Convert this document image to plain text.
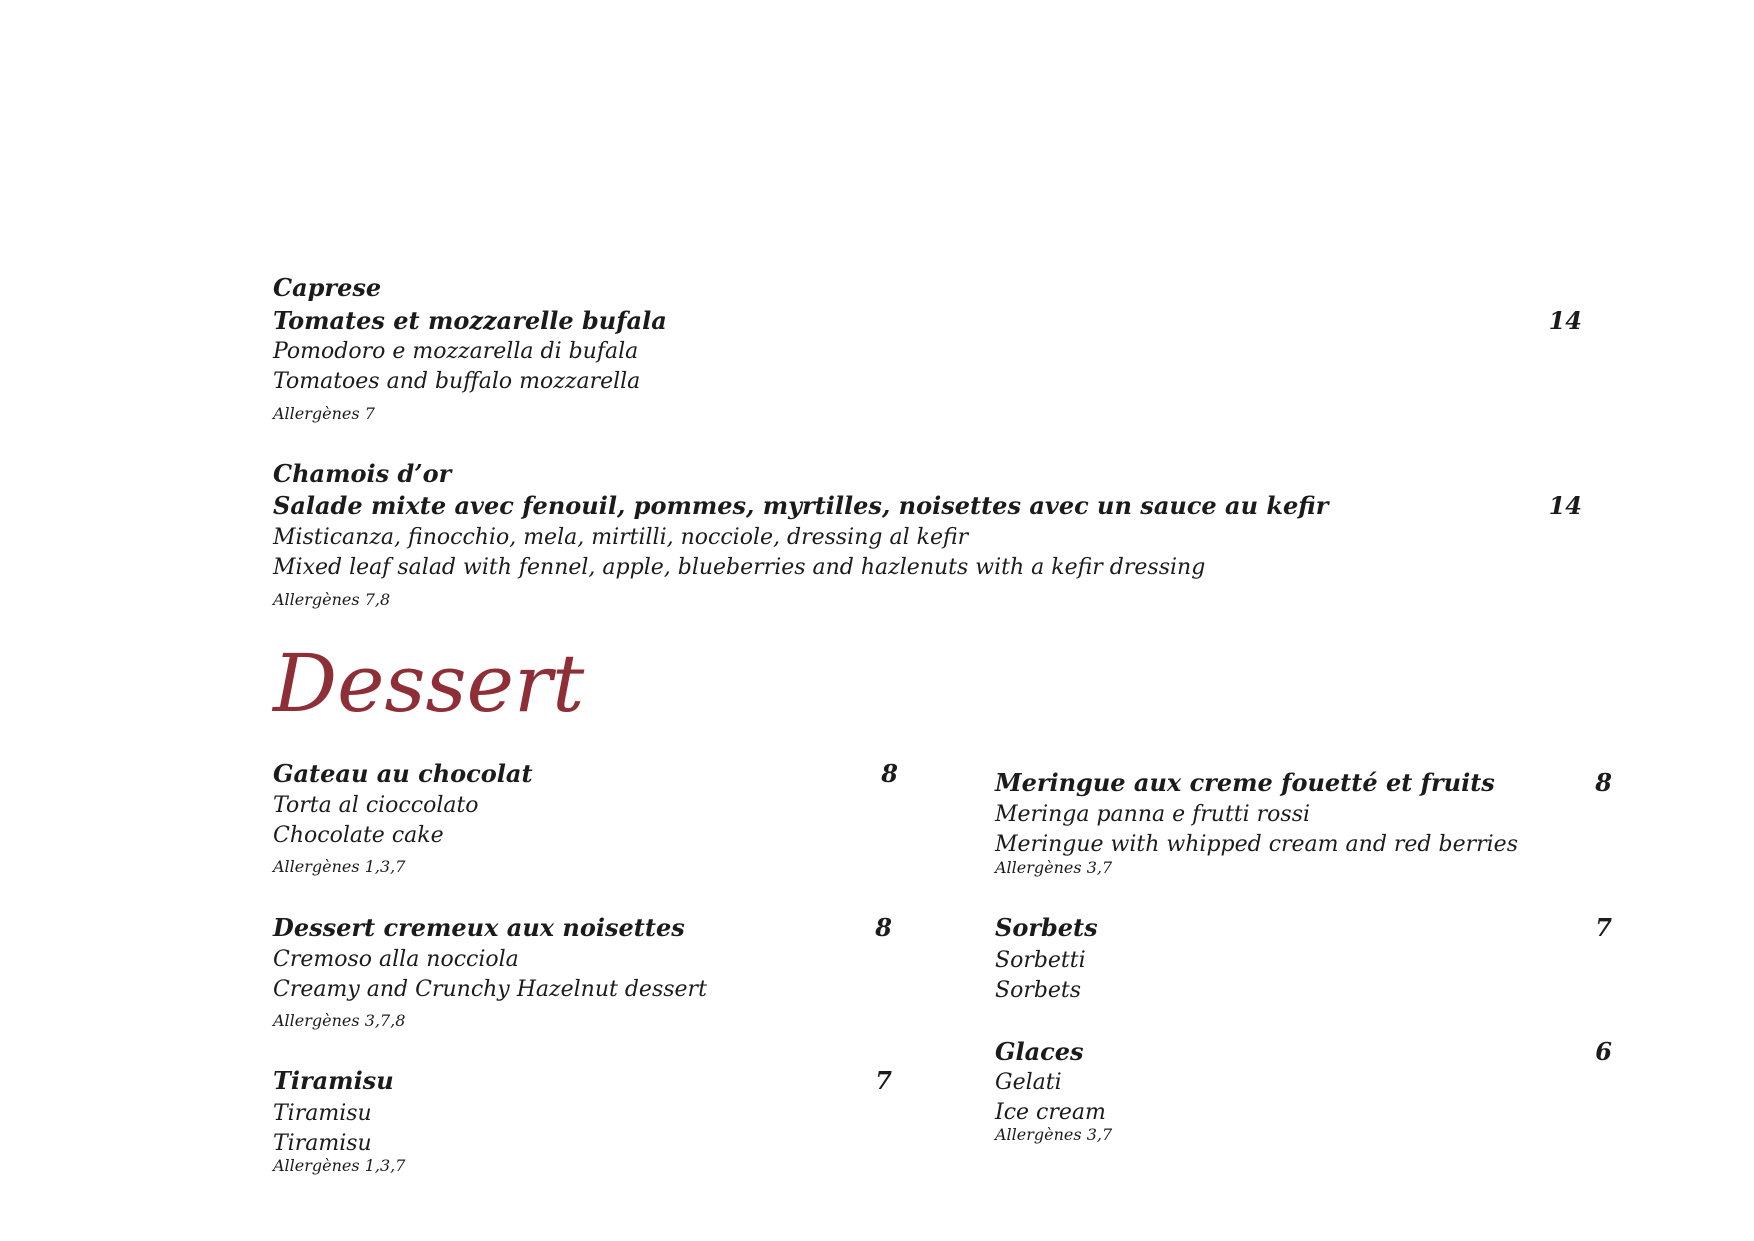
Caprese
Tomates et mozzarelle bufala
Pomodoro e mozzarella di bufala
Tomatoes and buffalo mozzarella
Allergènes 7
14
Chamois d’or
Salade mixte avec fenouil, pommes, myrtilles, noisettes avec un sauce au kefir
Misticanza, finocchio, mela, mirtilli, nocciole, dressing al kefir
Mixed leaf salad with fennel, apple, blueberries and hazlenuts with a kefir dressing
Allergènes 7,8
14
Dessert
Gateau au chocolat
Torta al cioccolato
Chocolate cake
Allergènes 1,3,7
8
Dessert cremeux aux noisettes
Cremoso alla nocciola
Creamy and Crunchy Hazelnut dessert
Allergènes 3,7,8
8
Tiramisu
Tiramisu
Tiramisu
Allergènes 1,3,7
7
Meringue aux creme fouetté et fruits
Meringa panna e frutti rossi
Meringue with whipped cream and red berries
Allergènes 3,7
8
Sorbets
Sorbetti
Sorbets
7
Glaces
Gelati
Ice cream
Allergènes 3,7
6
